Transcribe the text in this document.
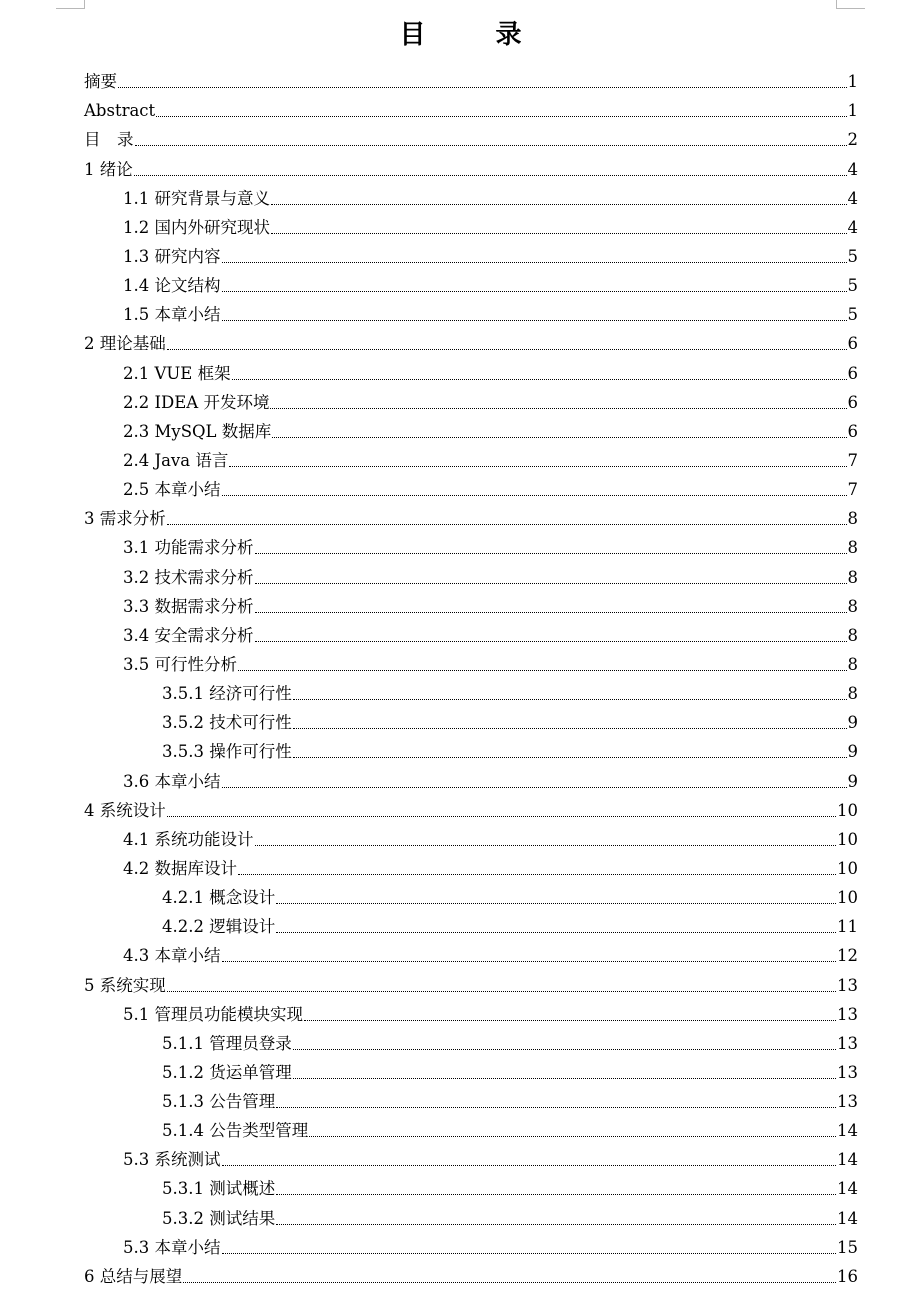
目　录
摘要	1
Abstract	1
目　录	2
1 绪论	4
1.1 研究背景与意义	4
1.2 国内外研究现状	4
1.3 研究内容	5
1.4 论文结构	5
1.5 本章小结	5
2 理论基础	6
2.1 VUE 框架	6
2.2 IDEA 开发环境	6
2.3 MySQL 数据库	6
2.4 Java 语言	7
2.5 本章小结	7
3 需求分析	8
3.1 功能需求分析	8
3.2 技术需求分析	8
3.3 数据需求分析	8
3.4 安全需求分析	8
3.5 可行性分析	8
3.5.1 经济可行性	8
3.5.2 技术可行性	9
3.5.3 操作可行性	9
3.6 本章小结	9
4 系统设计	10
4.1 系统功能设计	10
4.2 数据库设计	10
4.2.1 概念设计	10
4.2.2 逻辑设计	11
4.3 本章小结	12
5 系统实现	13
5.1 管理员功能模块实现	13
5.1.1 管理员登录	13
5.1.2 货运单管理	13
5.1.3 公告管理	13
5.1.4 公告类型管理	14
5.3 系统测试	14
5.3.1 测试概述	14
5.3.2 测试结果	14
5.3 本章小结	15
6 总结与展望	16
